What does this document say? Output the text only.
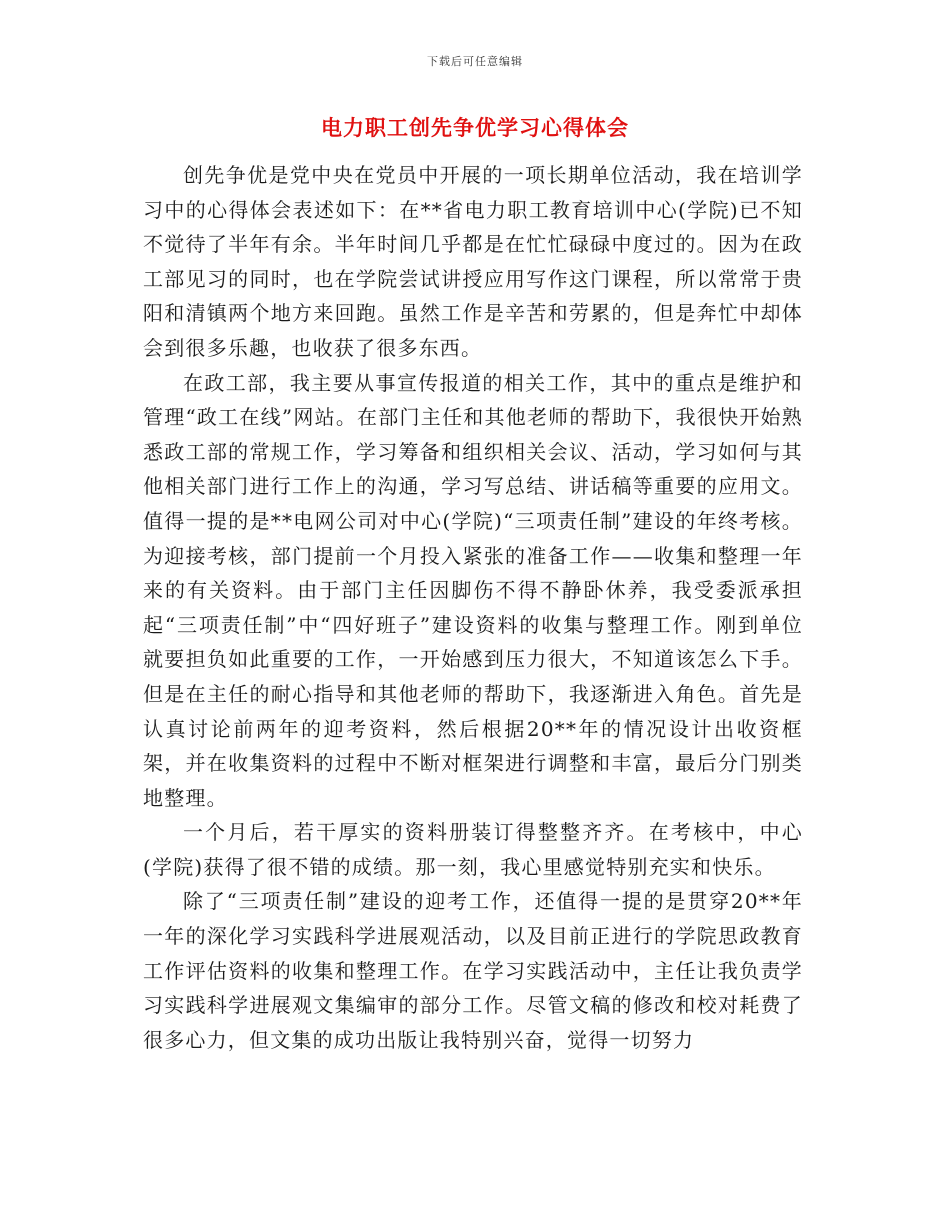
下载后可任意编辑
电力职工创先争优学习心得体会

创先争优是党中央在党员中开展的一项长期单位活动，我在培训学习中的心得体会表述如下：在**省电力职工教育培训中心(学院)已不知不觉待了半年有余。半年时间几乎都是在忙忙碌碌中度过的。因为在政工部见习的同时，也在学院尝试讲授应用写作这门课程，所以常常于贵阳和清镇两个地方来回跑。虽然工作是辛苦和劳累的，但是奔忙中却体会到很多乐趣，也收获了很多东西。

在政工部，我主要从事宣传报道的相关工作，其中的重点是维护和管理“政工在线”网站。在部门主任和其他老师的帮助下，我很快开始熟悉政工部的常规工作，学习筹备和组织相关会议、活动，学习如何与其他相关部门进行工作上的沟通，学习写总结、讲话稿等重要的应用文。值得一提的是**电网公司对中心(学院)“三项责任制”建设的年终考核。为迎接考核，部门提前一个月投入紧张的准备工作——收集和整理一年来的有关资料。由于部门主任因脚伤不得不静卧休养，我受委派承担起“三项责任制”中“四好班子”建设资料的收集与整理工作。刚到单位就要担负如此重要的工作，一开始感到压力很大，不知道该怎么下手。但是在主任的耐心指导和其他老师的帮助下，我逐渐进入角色。首先是认真讨论前两年的迎考资料，然后根据20**年的情况设计出收资框架，并在收集资料的过程中不断对框架进行调整和丰富，最后分门别类地整理。

一个月后，若干厚实的资料册装订得整整齐齐。在考核中，中心(学院)获得了很不错的成绩。那一刻，我心里感觉特别充实和快乐。

除了“三项责任制”建设的迎考工作，还值得一提的是贯穿20**年一年的深化学习实践科学进展观活动，以及目前正进行的学院思政教育工作评估资料的收集和整理工作。在学习实践活动中，主任让我负责学习实践科学进展观文集编审的部分工作。尽管文稿的修改和校对耗费了很多心力，但文集的成功出版让我特别兴奋，觉得一切努力
